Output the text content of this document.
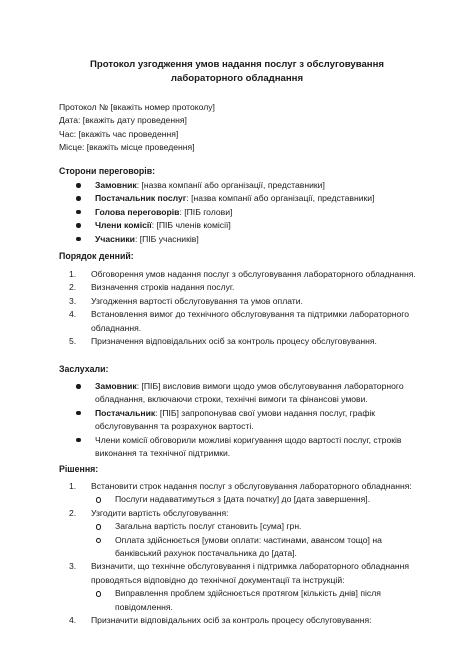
Протокол узгодження умов надання послуг з обслуговування лабораторного обладнання
Протокол № [вкажіть номер протоколу]
Дата: [вкажіть дату проведення]
Час: [вкажіть час проведення]
Місце: [вкажіть місце проведення]
Сторони переговорів:
Замовник: [назва компанії або організації, представники]
Постачальник послуг: [назва компанії або організації, представники]
Голова переговорів: [ПІБ голови]
Члени комісії: [ПІБ членів комісії]
Учасники: [ПІБ учасників]
Порядок денний:
1. Обговорення умов надання послуг з обслуговування лабораторного обладнання.
2. Визначення строків надання послуг.
3. Узгодження вартості обслуговування та умов оплати.
4. Встановлення вимог до технічного обслуговування та підтримки лабораторного обладнання.
5. Призначення відповідальних осіб за контроль процесу обслуговування.
Заслухали:
Замовник: [ПІБ] висловив вимоги щодо умов обслуговування лабораторного обладнання, включаючи строки, технічні вимоги та фінансові умови.
Постачальник: [ПІБ] запропонував свої умови надання послуг, графік обслуговування та розрахунок вартості.
Члени комісії обговорили можливі коригування щодо вартості послуг, строків виконання та технічної підтримки.
Рішення:
1. Встановити строк надання послуг з обслуговування лабораторного обладнання:
Послуги надаватимуться з [дата початку] до [дата завершення].
2. Узгодити вартість обслуговування:
Загальна вартість послуг становить [сума] грн.
Оплата здійснюється [умови оплати: частинами, авансом тощо] на банківський рахунок постачальника до [дата].
3. Визначити, що технічне обслуговування і підтримка лабораторного обладнання проводяться відповідно до технічної документації та інструкцій:
Виправлення проблем здійснюється протягом [кількість днів] після повідомлення.
4. Призначити відповідальних осіб за контроль процесу обслуговування:
